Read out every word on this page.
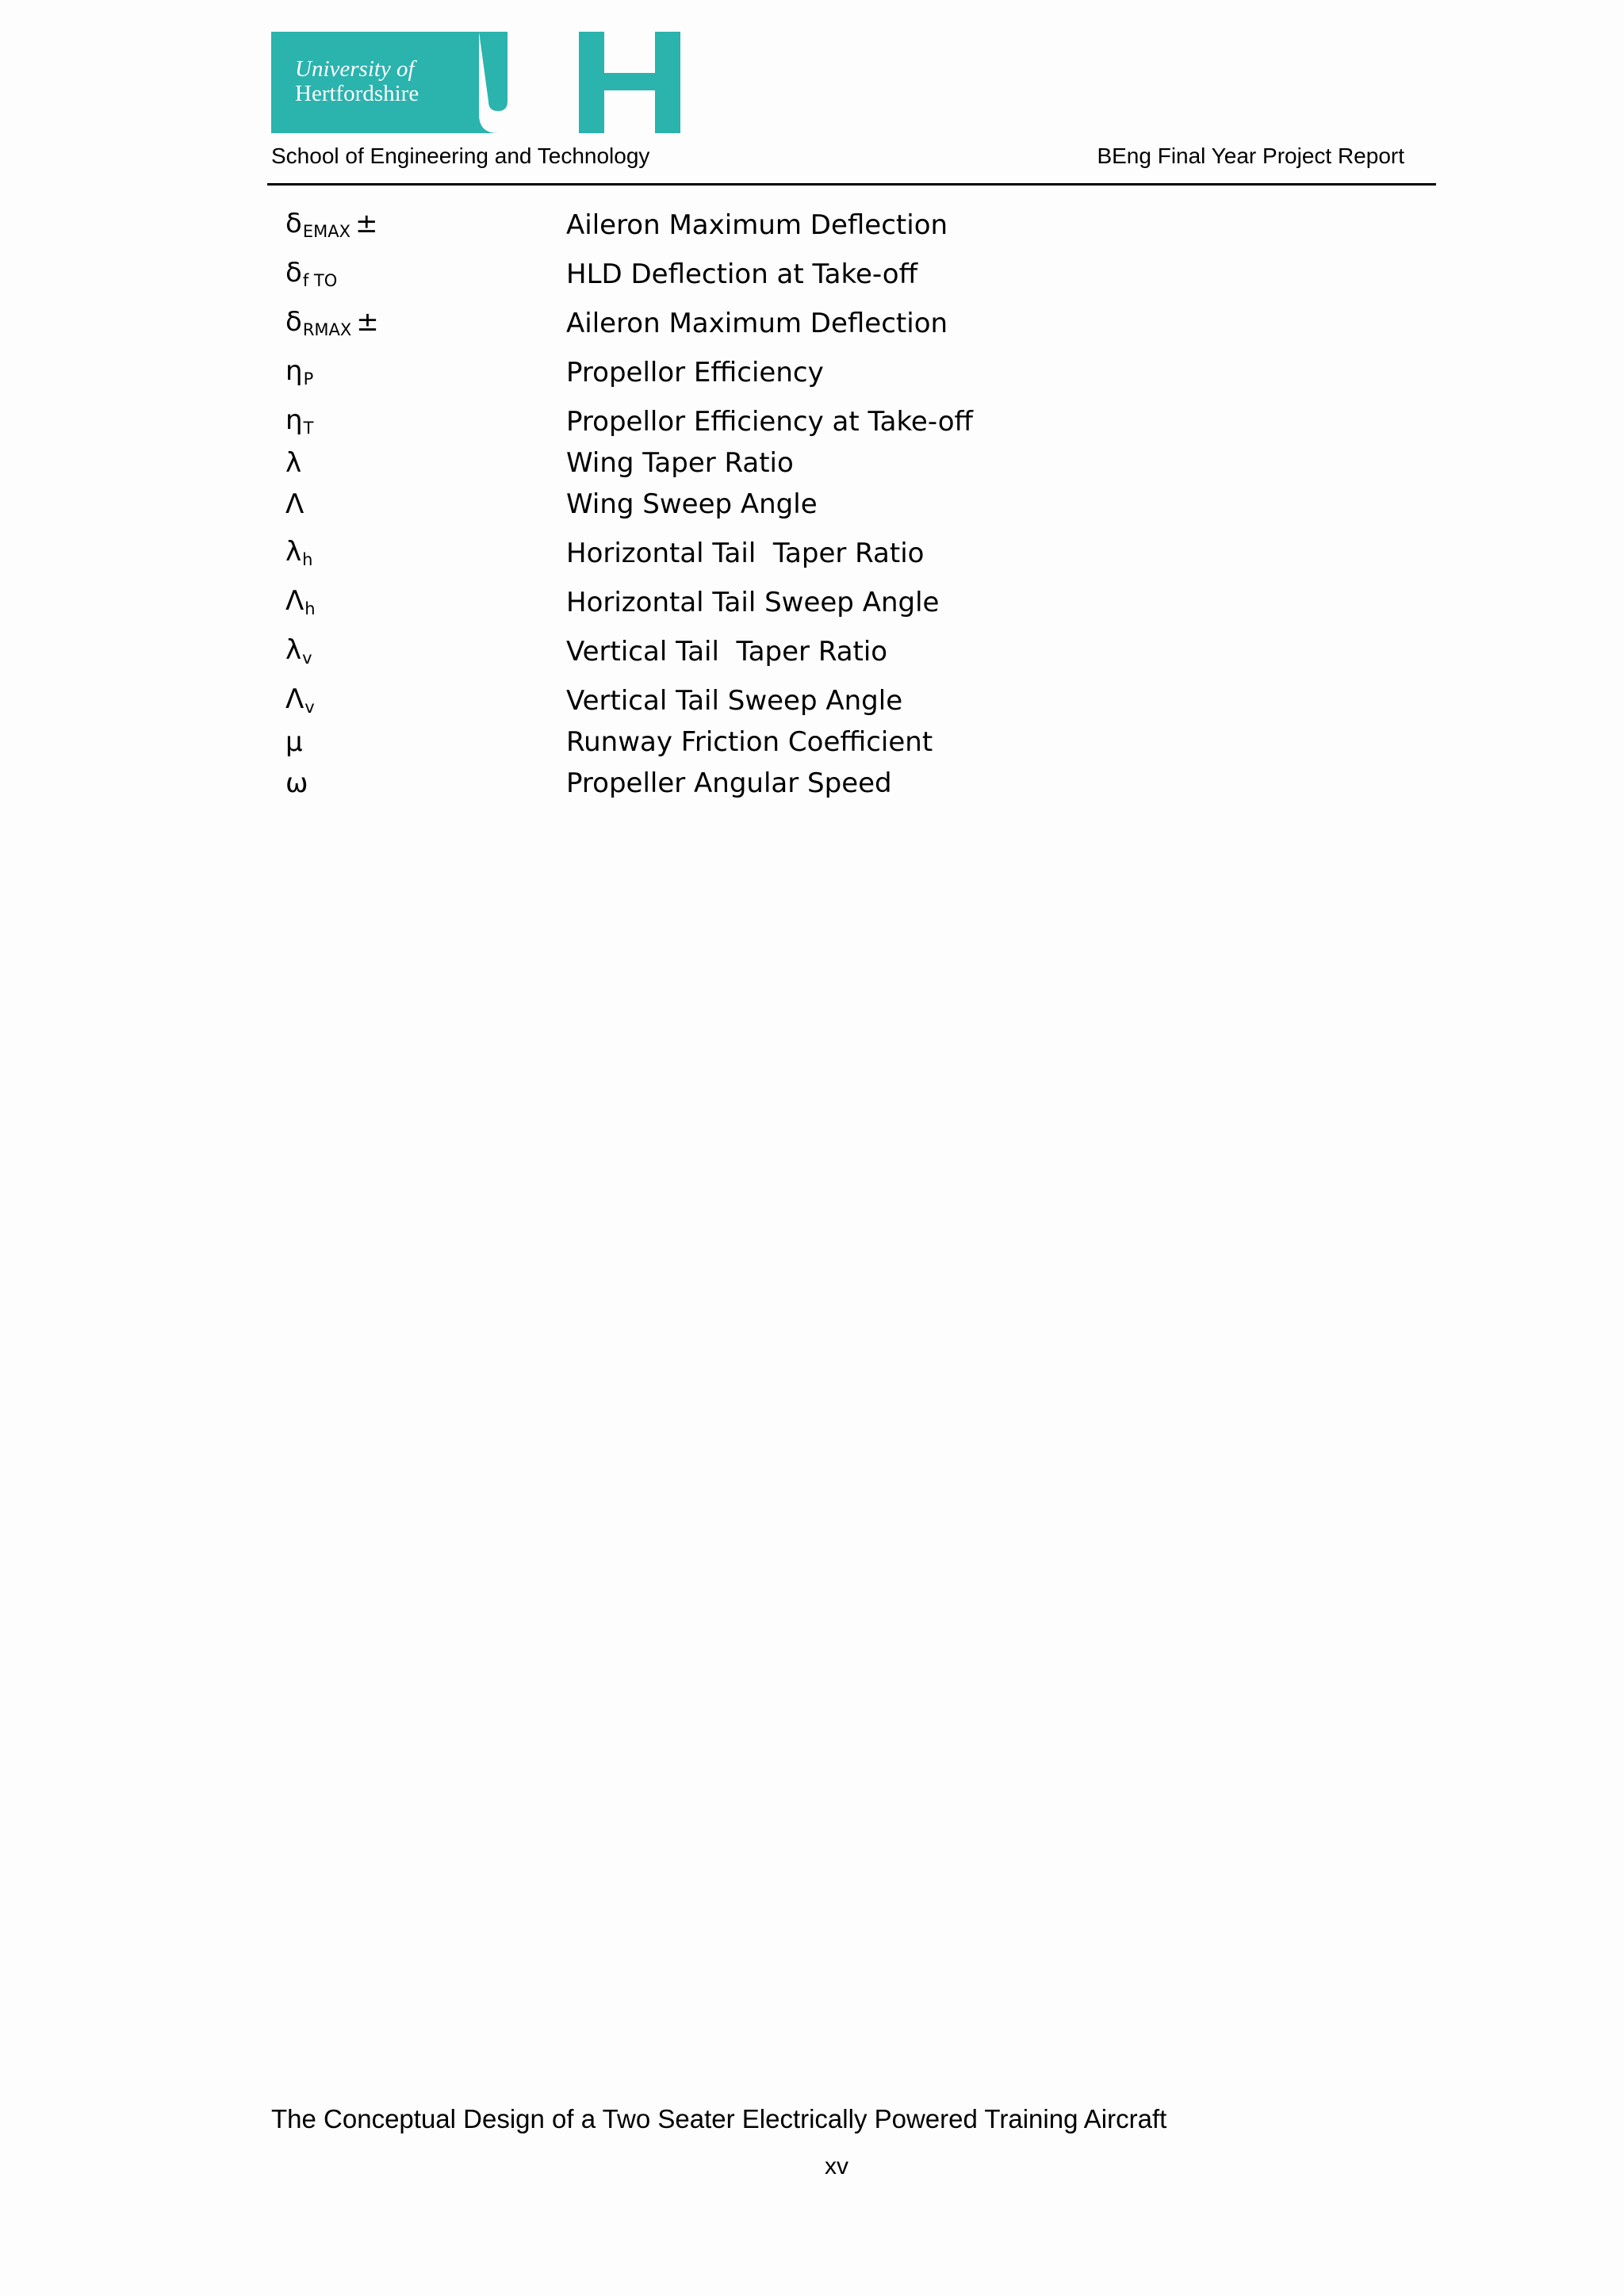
University of
Hertfordshire
School of Engineering and Technology	BEng Final Year Project Report
$\delta_{EMAX}$ ±	Aileron Maximum Deflection
$\delta_{f TO}$	HLD Deflection at Take-off
$\delta_{RMAX}$ ±	Aileron Maximum Deflection
$\eta_P$	Propellor Efficiency
$\eta_T$	Propellor Efficiency at Take-off
λ	Wing Taper Ratio
Λ	Wing Sweep Angle
$\lambda_h$	Horizontal Tail  Taper Ratio
$\Lambda_h$	Horizontal Tail Sweep Angle
$\lambda_v$	Vertical Tail  Taper Ratio
$\Lambda_v$	Vertical Tail Sweep Angle
μ	Runway Friction Coefficient
ω	Propeller Angular Speed
The Conceptual Design of a Two Seater Electrically Powered Training Aircraft
xv
